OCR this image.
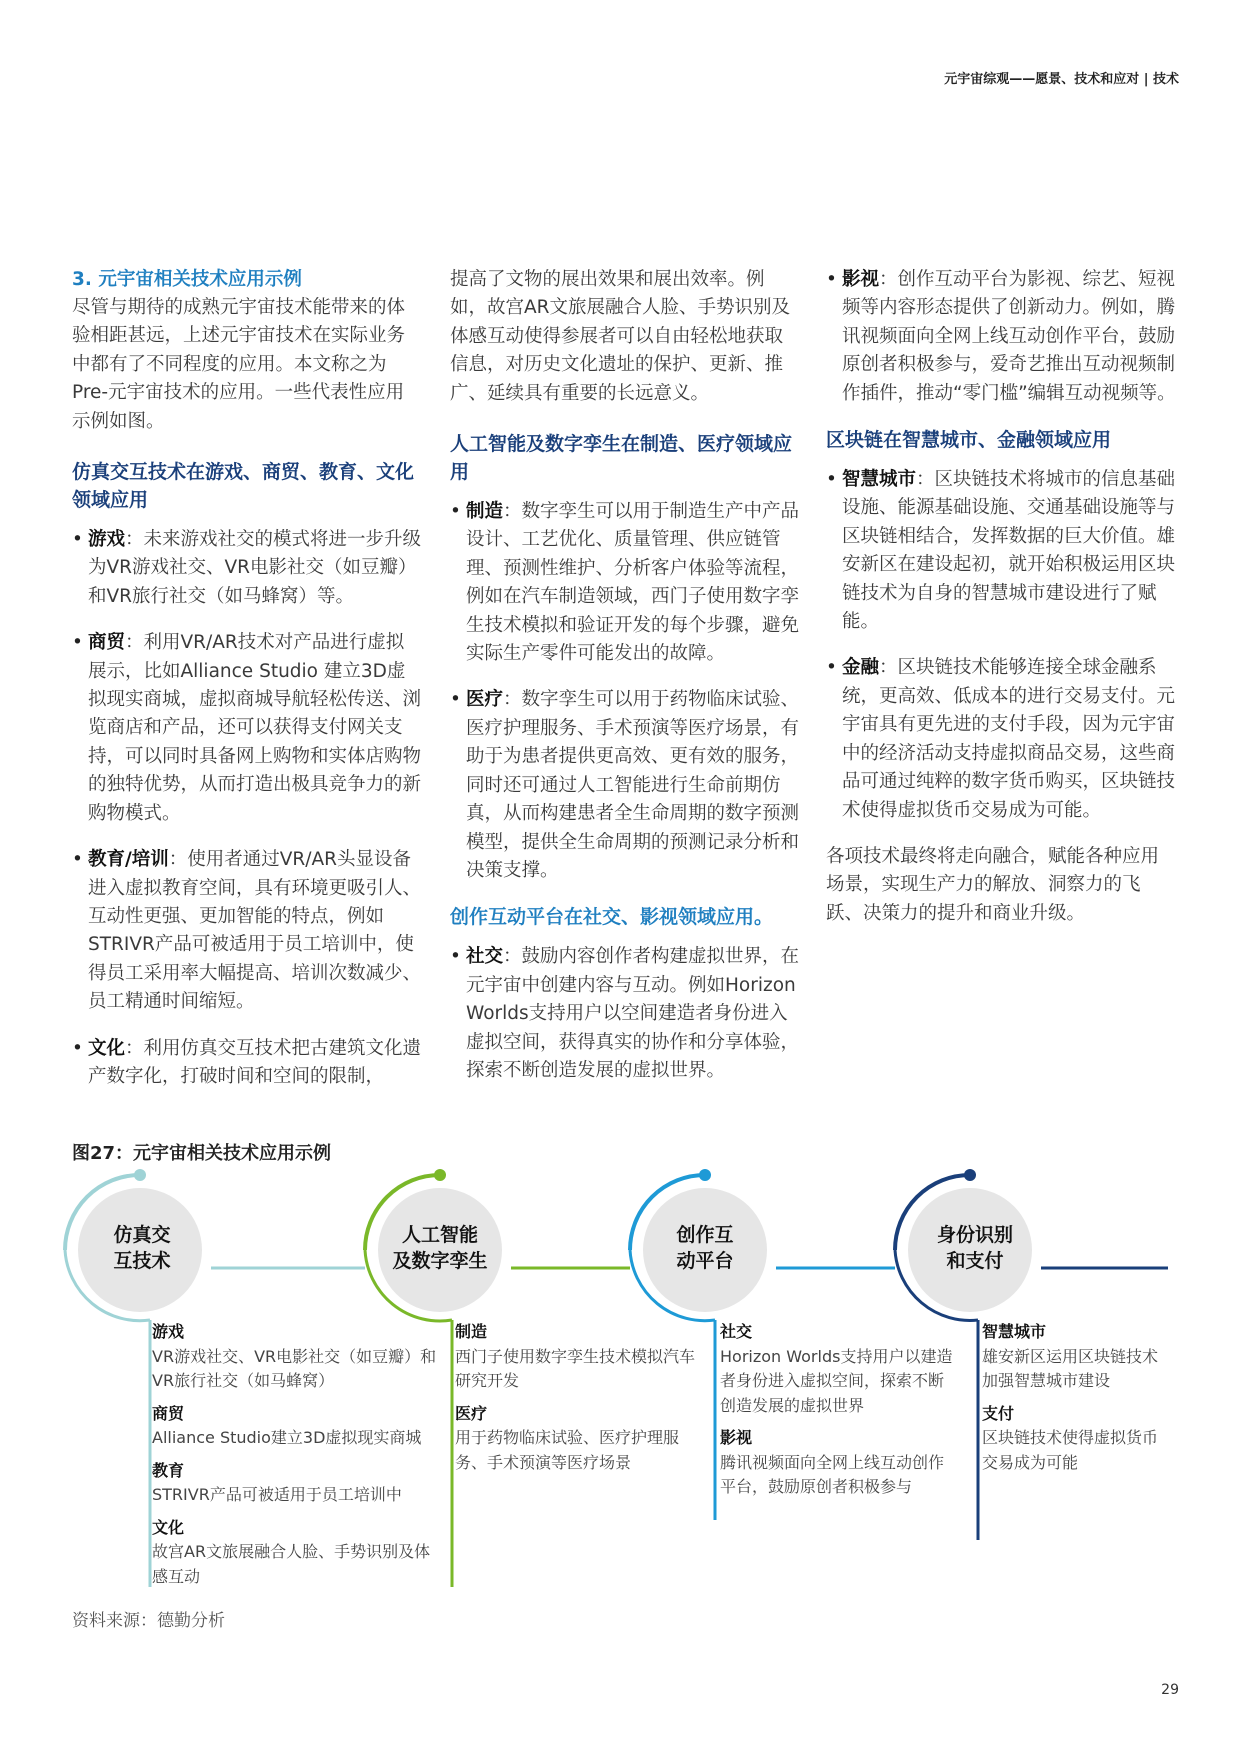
元宇宙综观——愿景、技术和应对 | 技术
3. 元宇宙相关技术应用示例

尽管与期待的成熟元宇宙技术能带来的体验相距甚远，上述元宇宙技术在实际业务中都有了不同程度的应用。本文称之为Pre-元宇宙技术的应用。一些代表性应用示例如图。

仿真交互技术在游戏、商贸、教育、文化领域应用
• 游戏：未来游戏社交的模式将进一步升级为VR游戏社交、VR电影社交（如豆瓣）和VR旅行社交（如马蜂窝）等。
• 商贸：利用VR/AR技术对产品进行虚拟展示，比如Alliance Studio 建立3D虚拟现实商城，虚拟商城导航轻松传送、浏览商店和产品，还可以获得支付网关支持，可以同时具备网上购物和实体店购物的独特优势，从而打造出极具竞争力的新购物模式。
• 教育/培训：使用者通过VR/AR头显设备进入虚拟教育空间，具有环境更吸引人、互动性更强、更加智能的特点，例如STRIVR产品可被适用于员工培训中，使得员工采用率大幅提高、培训次数减少、员工精通时间缩短。
• 文化：利用仿真交互技术把古建筑文化遗产数字化，打破时间和空间的限制，

提高了文物的展出效果和展出效率。例如，故宫AR文旅展融合人脸、手势识别及体感互动使得参展者可以自由轻松地获取信息，对历史文化遗址的保护、更新、推广、延续具有重要的长远意义。

人工智能及数字孪生在制造、医疗领域应用
• 制造：数字孪生可以用于制造生产中产品设计、工艺优化、质量管理、供应链管理、预测性维护、分析客户体验等流程，例如在汽车制造领域，西门子使用数字孪生技术模拟和验证开发的每个步骤，避免实际生产零件可能发出的故障。
• 医疗：数字孪生可以用于药物临床试验、医疗护理服务、手术预演等医疗场景，有助于为患者提供更高效、更有效的服务，同时还可通过人工智能进行生命前期仿真，从而构建患者全生命周期的数字预测模型，提供全生命周期的预测记录分析和决策支撑。
创作互动平台在社交、影视领域应用。
• 社交：鼓励内容创作者构建虚拟世界，在元宇宙中创建内容与互动。例如Horizon Worlds支持用户以空间建造者身份进入虚拟空间，获得真实的协作和分享体验，探索不断创造发展的虚拟世界。
• 影视：创作互动平台为影视、综艺、短视频等内容形态提供了创新动力。例如，腾讯视频面向全网上线互动创作平台，鼓励原创者积极参与，爱奇艺推出互动视频制作插件，推动“零门槛”编辑互动视频等。
区块链在智慧城市、金融领域应用
• 智慧城市：区块链技术将城市的信息基础设施、能源基础设施、交通基础设施等与区块链相结合，发挥数据的巨大价值。雄安新区在建设起初，就开始积极运用区块链技术为自身的智慧城市建设进行了赋能。
• 金融：区块链技术能够连接全球金融系统，更高效、低成本的进行交易支付。元宇宙具有更先进的支付手段，因为元宇宙中的经济活动支持虚拟商品交易，这些商品可通过纯粹的数字货币购买，区块链技术使得虚拟货币交易成为可能。

各项技术最终将走向融合，赋能各种应用场景，实现生产力的解放、洞察力的飞跃、决策力的提升和商业升级。

图27：元宇宙相关技术应用示例
仿真交
互技术
人工智能
及数字孪生
创作互
动平台
身份识别
和支付
游戏
VR游戏社交、VR电影社交（如豆瓣）和VR旅行社交（如马蜂窝）
商贸
Alliance Studio建立3D虚拟现实商城
教育
STRIVR产品可被适用于员工培训中
文化
故宫AR文旅展融合人脸、手势识别及体感互动
制造
西门子使用数字孪生技术模拟汽车研究开发
医疗
用于药物临床试验、医疗护理服务、手术预演等医疗场景
社交
Horizon Worlds支持用户以建造者身份进入虚拟空间，探索不断创造发展的虚拟世界
影视
腾讯视频面向全网上线互动创作平台，鼓励原创者积极参与
智慧城市
雄安新区运用区块链技术加强智慧城市建设
支付
区块链技术使得虚拟货币交易成为可能
资料来源：德勤分析
29
